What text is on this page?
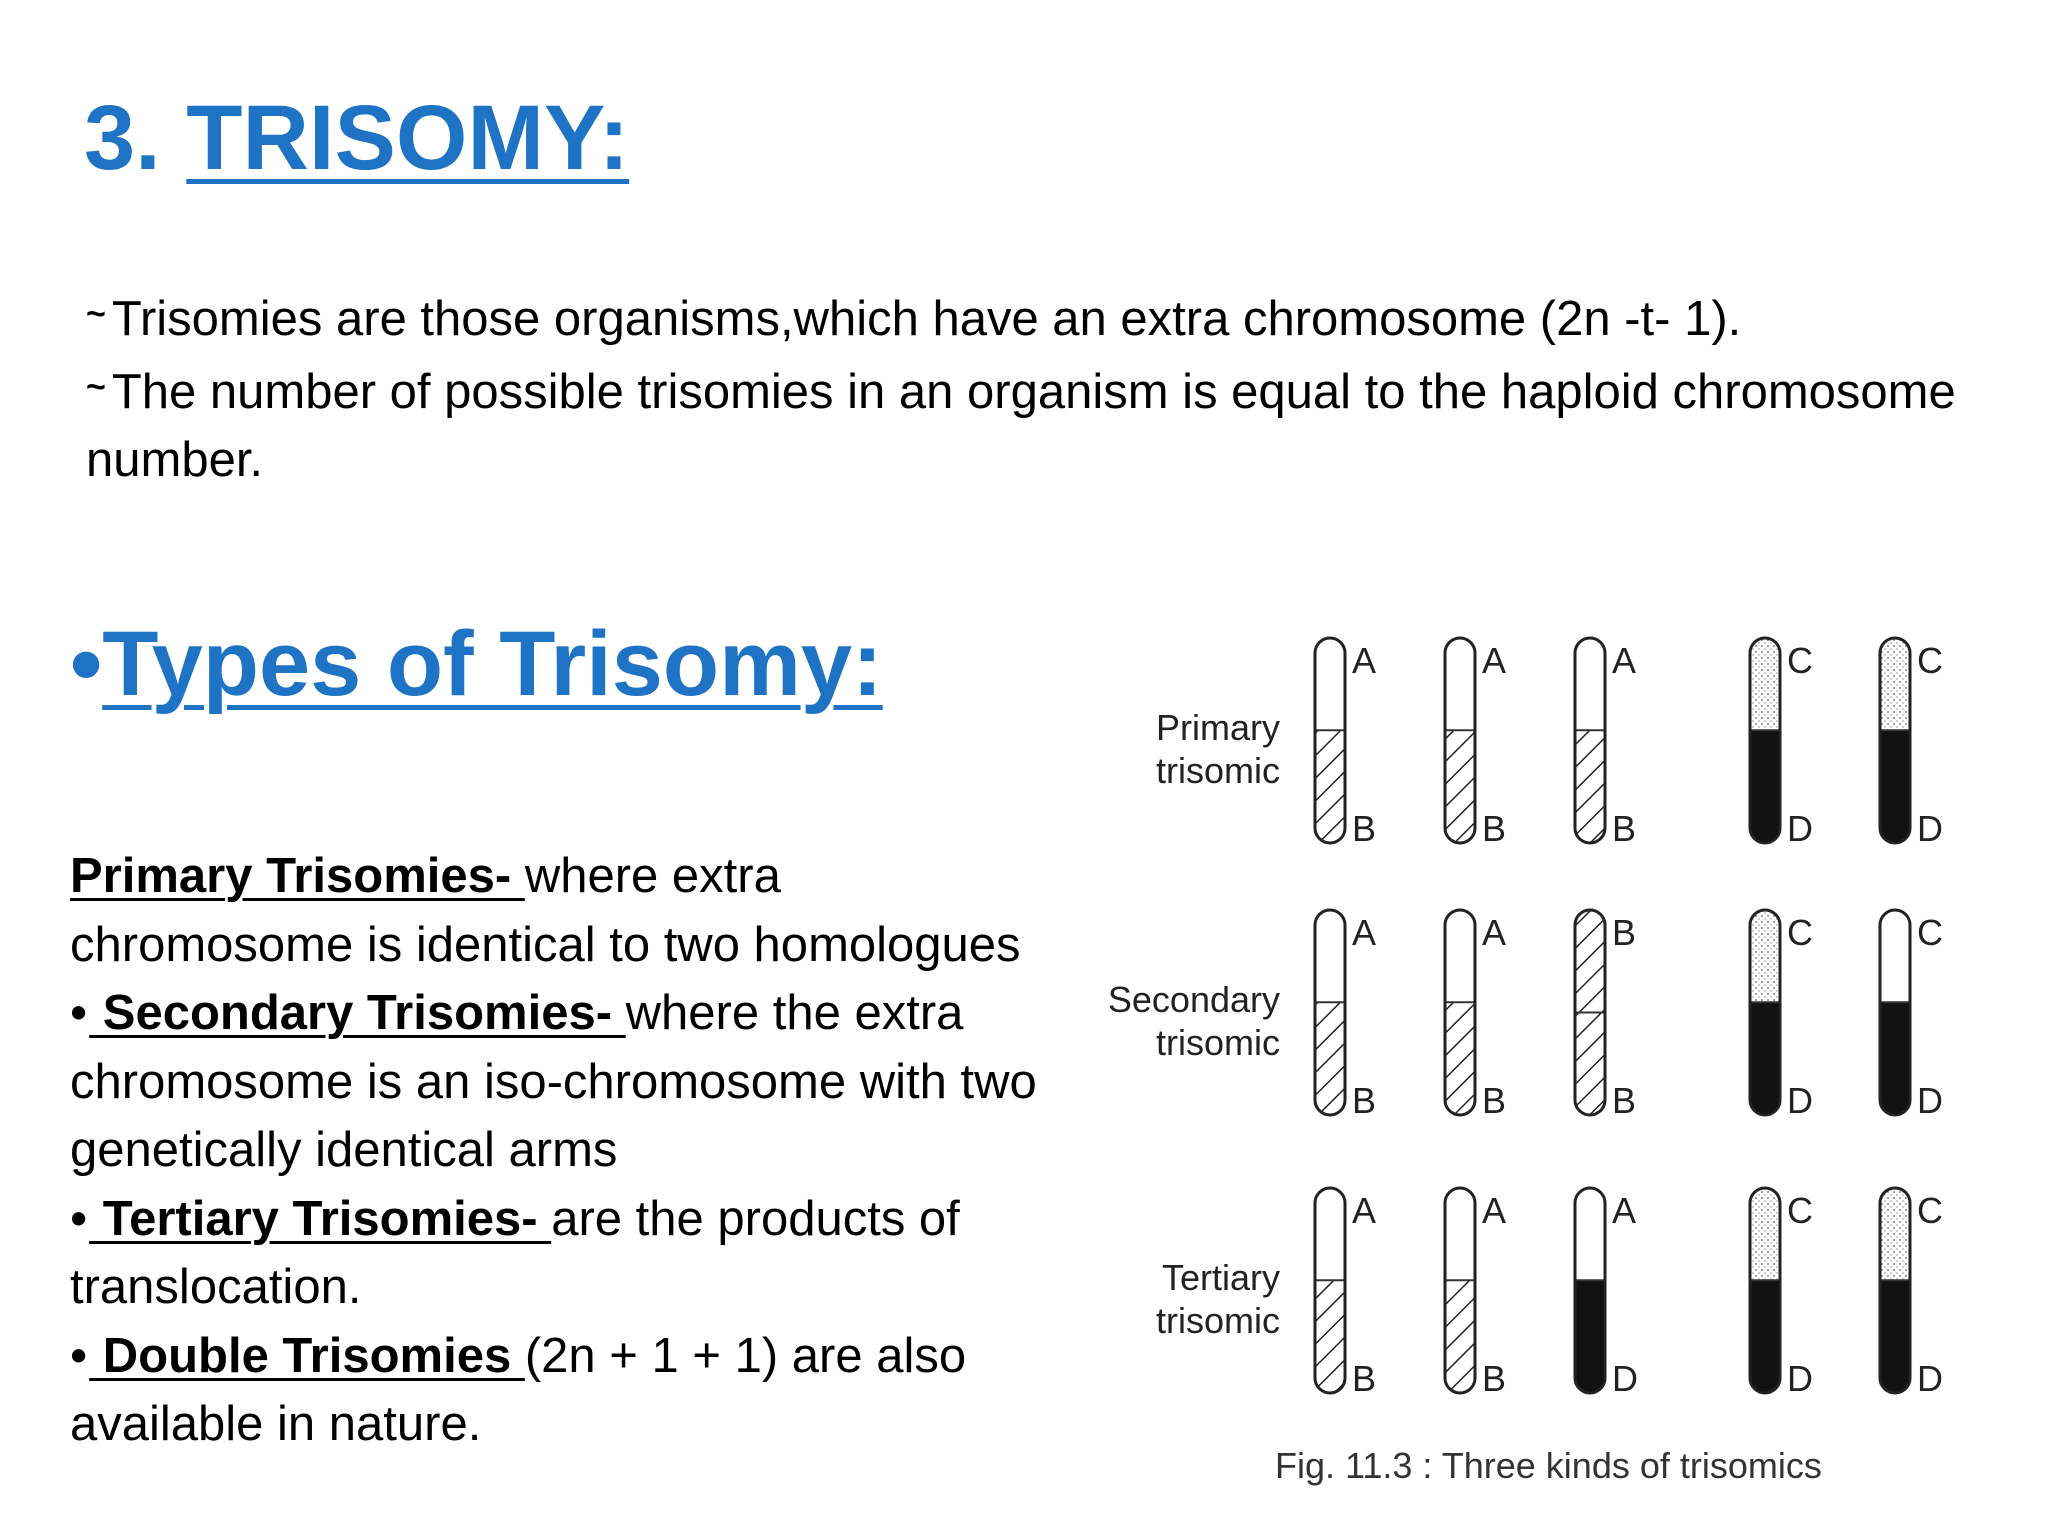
3. TRISOMY:
~ Trisomies are those organisms,which have an extra chromosome (2n -t- 1).
~ The number of possible trisomies in an organism is equal to the haploid chromosome number.
•Types of Trisomy:
Primary Trisomies- where extra chromosome is identical to two homologues
• Secondary Trisomies- where the extra chromosome is an iso-chromosome with two genetically identical arms
• Tertiary Trisomies- are the products of translocation.
• Double Trisomies (2n + 1 + 1) are also available in nature.
Primary
trisomic
A
B
A
B
A
B
C
D
C
D
Secondary
trisomic
A
B
A
B
B
B
C
D
C
D
Tertiary
trisomic
A
B
A
B
A
D
C
D
C
D
Fig. 11.3 : Three kinds of trisomics
